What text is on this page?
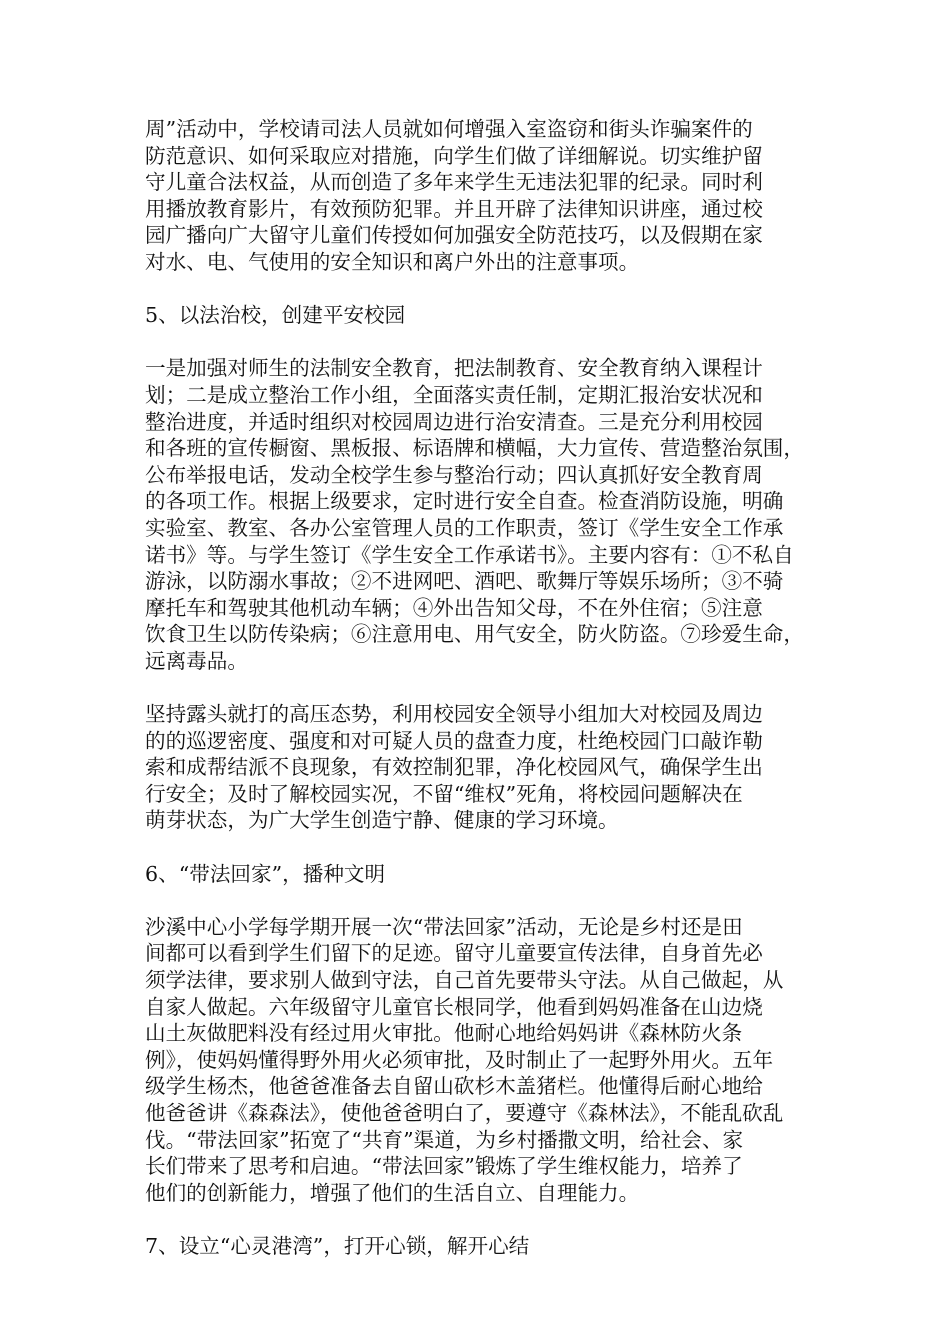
周”活动中，学校请司法人员就如何增强入室盗窃和街头诈骗案件的
防范意识、如何采取应对措施，向学生们做了详细解说。切实维护留
守儿童合法权益，从而创造了多年来学生无违法犯罪的纪录。同时利
用播放教育影片，有效预防犯罪。并且开辟了法律知识讲座，通过校
园广播向广大留守儿童们传授如何加强安全防范技巧，以及假期在家
对水、电、气使用的安全知识和离户外出的注意事项。
5、以法治校，创建平安校园
一是加强对师生的法制安全教育，把法制教育、安全教育纳入课程计
划；二是成立整治工作小组，全面落实责任制，定期汇报治安状况和
整治进度，并适时组织对校园周边进行治安清查。三是充分利用校园
和各班的宣传橱窗、黑板报、标语牌和横幅，大力宣传、营造整治氛围，
公布举报电话，发动全校学生参与整治行动；四认真抓好安全教育周
的各项工作。根据上级要求，定时进行安全自查。检查消防设施，明确
实验室、教室、各办公室管理人员的工作职责，签订《学生安全工作承
诺书》等。与学生签订《学生安全工作承诺书》。主要内容有：①不私自
游泳，以防溺水事故；②不进网吧、酒吧、歌舞厅等娱乐场所；③不骑
摩托车和驾驶其他机动车辆；④外出告知父母，不在外住宿；⑤注意
饮食卫生以防传染病；⑥注意用电、用气安全，防火防盗。⑦珍爱生命，
远离毒品。
坚持露头就打的高压态势，利用校园安全领导小组加大对校园及周边
的的巡逻密度、强度和对可疑人员的盘查力度，杜绝校园门口敲诈勒
索和成帮结派不良现象，有效控制犯罪，净化校园风气，确保学生出
行安全；及时了解校园实况，不留“维权”死角，将校园问题解决在
萌芽状态，为广大学生创造宁静、健康的学习环境。
6、“带法回家”，播种文明
沙溪中心小学每学期开展一次“带法回家”活动，无论是乡村还是田
间都可以看到学生们留下的足迹。留守儿童要宣传法律，自身首先必
须学法律，要求别人做到守法，自己首先要带头守法。从自己做起，从
自家人做起。六年级留守儿童官长根同学，他看到妈妈准备在山边烧
山土灰做肥料没有经过用火审批。他耐心地给妈妈讲《森林防火条
例》，使妈妈懂得野外用火必须审批，及时制止了一起野外用火。五年
级学生杨杰，他爸爸准备去自留山砍杉木盖猪栏。他懂得后耐心地给
他爸爸讲《森森法》，使他爸爸明白了，要遵守《森林法》，不能乱砍乱
伐。“带法回家”拓宽了“共育”渠道，为乡村播撒文明，给社会、家
长们带来了思考和启迪。“带法回家”锻炼了学生维权能力，培养了
他们的创新能力，增强了他们的生活自立、自理能力。
7、设立“心灵港湾”，打开心锁，解开心结
